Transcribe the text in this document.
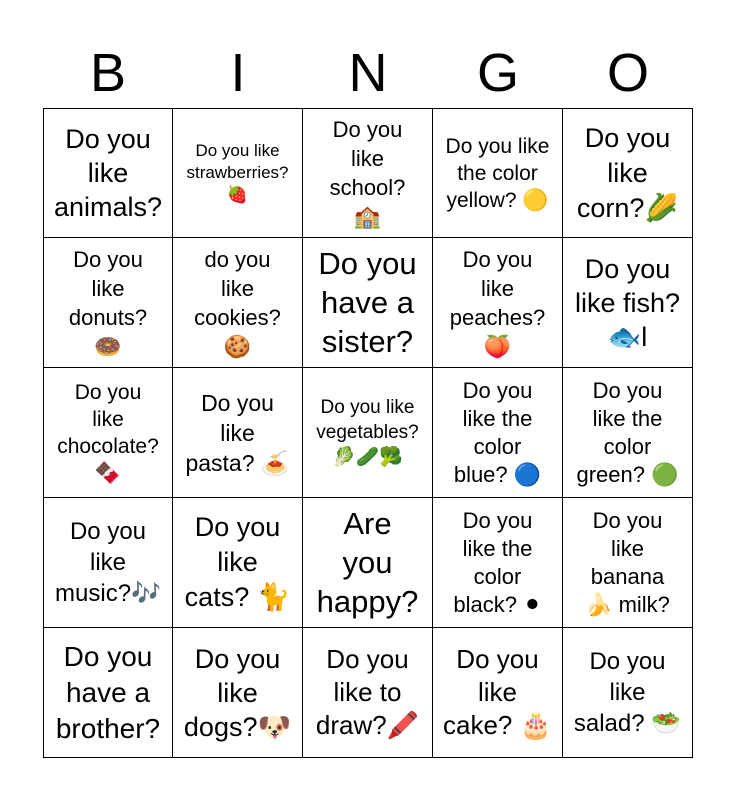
B	I	N	G	O
Do you
like
animals?
Do you like
strawberries?
🍓
Do you
like
school?
🏫
Do you like
the color
yellow? 🟡
Do you
like
corn?🌽
Do you
like
donuts?
🍩
do you
like
cookies?
🍪
Do you
have a
sister?
Do you
like
peaches?
🍑
Do you
like fish?
🐟l
Do you
like
chocolate?
🍫
Do you
like
pasta? 🍝
Do you like
vegetables?
🥬🥒🥦
Do you
like the
color
blue? 🔵
Do you
like the
color
green? 🟢
Do you
like
music?🎶
Do you
like
cats? 🐈
Are
you
happy?
Do you
like the
color
black? ⚫
Do you
like
banana
🍌 milk?
Do you
have a
brother?
Do you
like
dogs?🐶
Do you
like to
draw?🖍️
Do you
like
cake? 🎂
Do you
like
salad? 🥗
